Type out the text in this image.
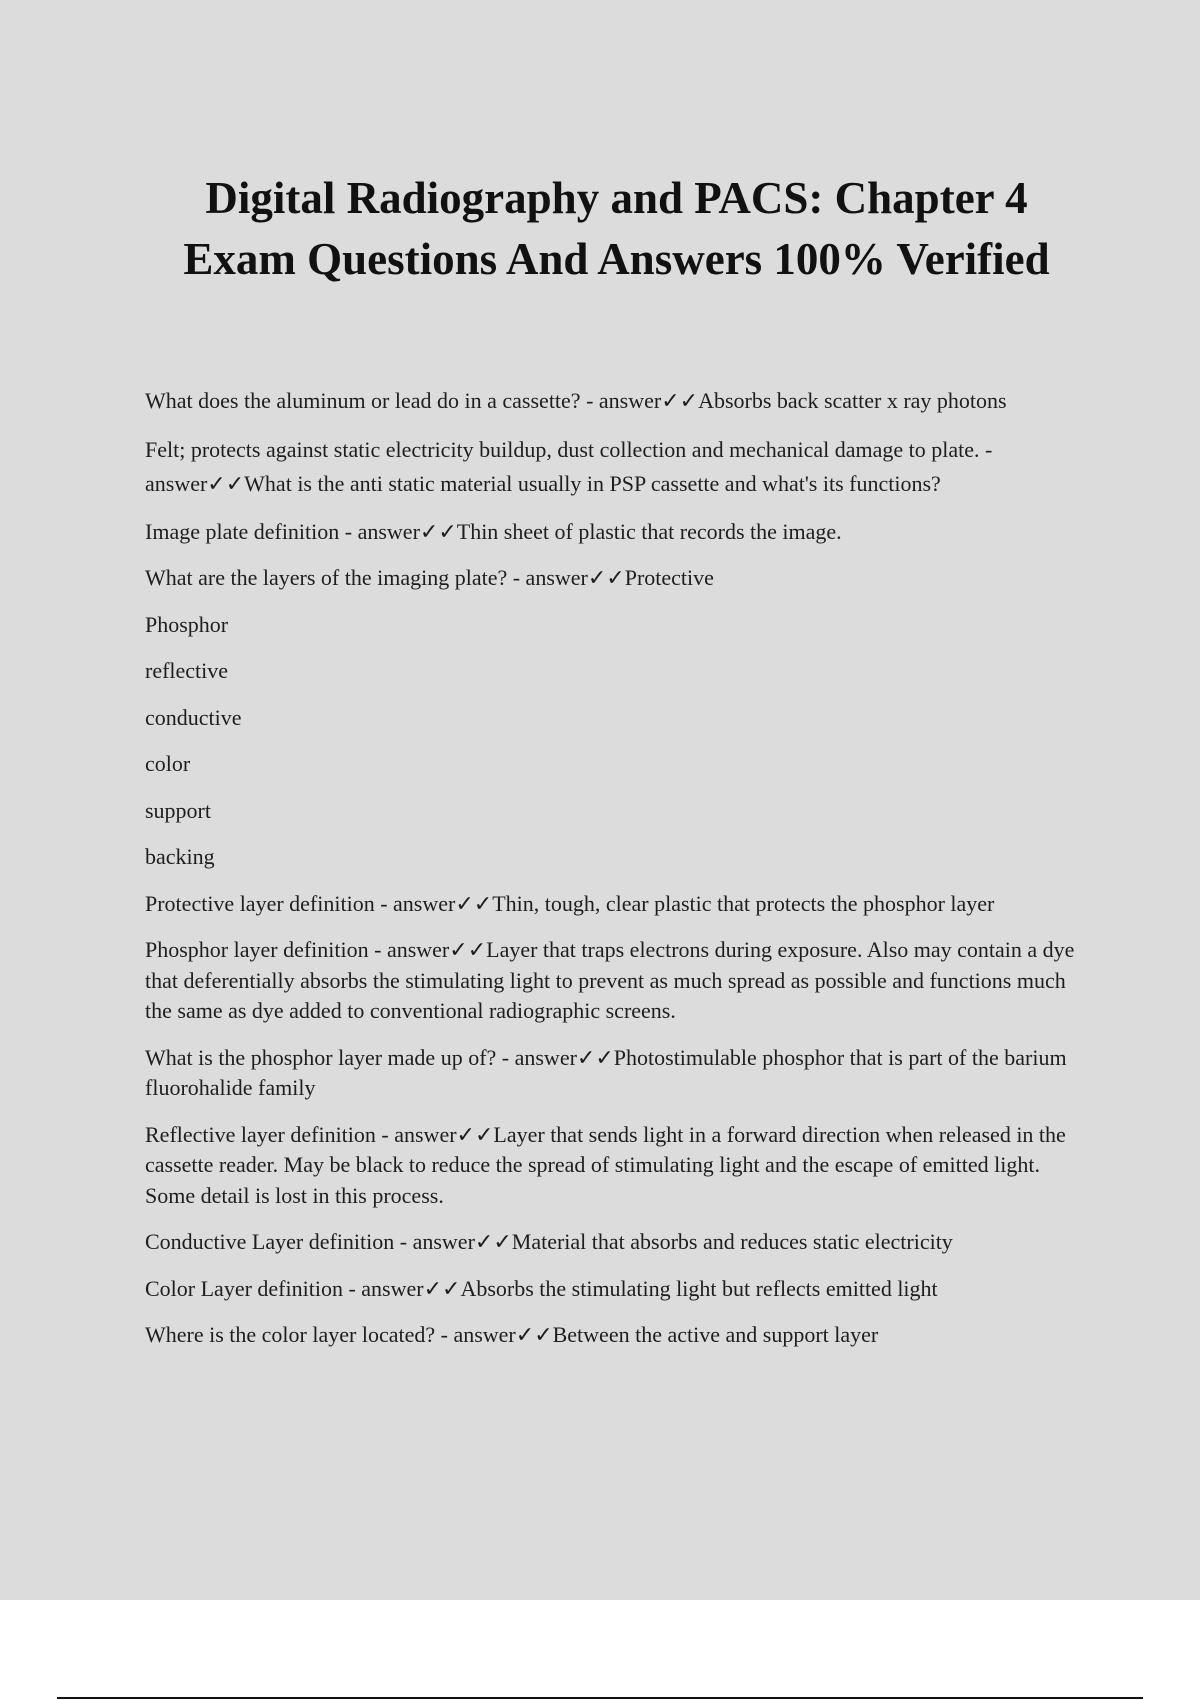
Digital Radiography and PACS: Chapter 4
Exam Questions And Answers 100% Verified

What does the aluminum or lead do in a cassette? - answer✓✓Absorbs back scatter x ray photons

Felt; protects against static electricity buildup, dust collection and mechanical damage to plate. - answer✓✓What is the anti static material usually in PSP cassette and what's its functions?

Image plate definition - answer✓✓Thin sheet of plastic that records the image.

What are the layers of the imaging plate? - answer✓✓Protective

Phosphor

reflective

conductive

color

support

backing

Protective layer definition - answer✓✓Thin, tough, clear plastic that protects the phosphor layer

Phosphor layer definition - answer✓✓Layer that traps electrons during exposure. Also may contain a dye that deferentially absorbs the stimulating light to prevent as much spread as possible and functions much the same as dye added to conventional radiographic screens.

What is the phosphor layer made up of? - answer✓✓Photostimulable phosphor that is part of the barium fluorohalide family

Reflective layer definition - answer✓✓Layer that sends light in a forward direction when released in the cassette reader. May be black to reduce the spread of stimulating light and the escape of emitted light. Some detail is lost in this process.

Conductive Layer definition - answer✓✓Material that absorbs and reduces static electricity

Color Layer definition - answer✓✓Absorbs the stimulating light but reflects emitted light

Where is the color layer located? - answer✓✓Between the active and support layer
